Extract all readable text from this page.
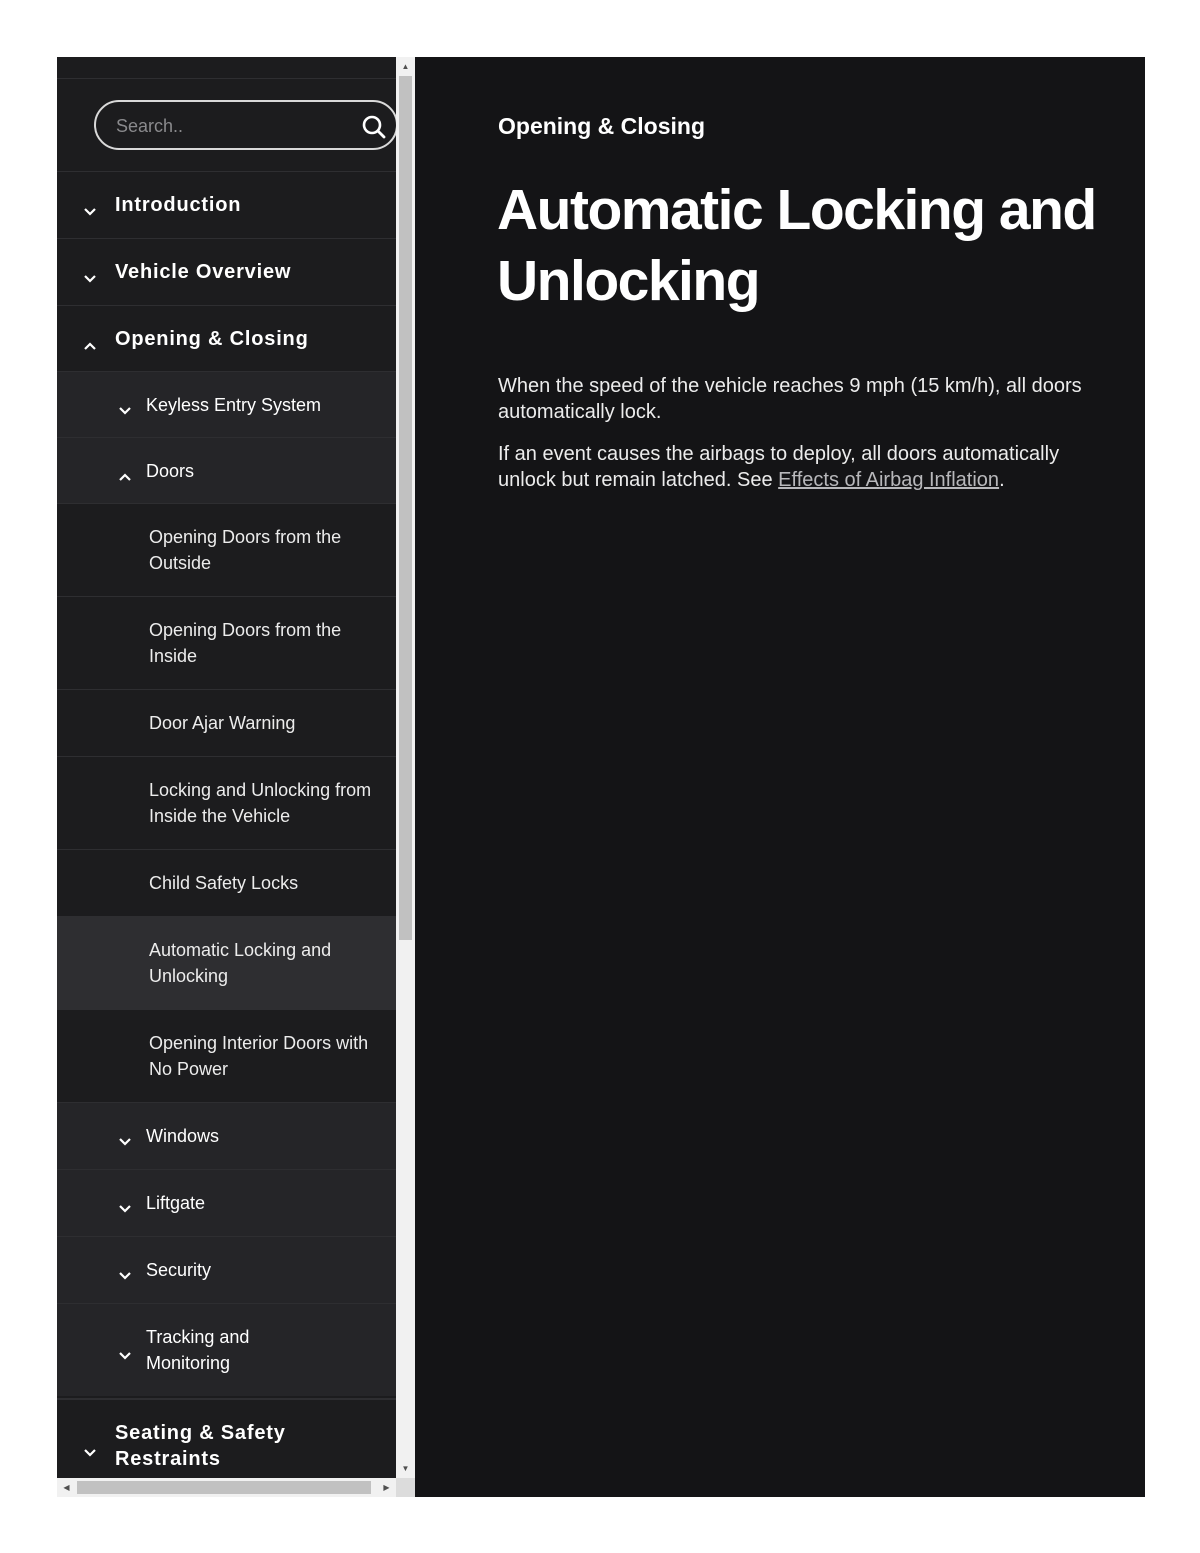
Search..
Introduction
Vehicle Overview
Opening & Closing
Keyless Entry System
Doors
Opening Doors from the Outside
Opening Doors from the Inside
Door Ajar Warning
Locking and Unlocking from Inside the Vehicle
Child Safety Locks
Automatic Locking and Unlocking
Opening Interior Doors with No Power
Windows
Liftgate
Security
Tracking and Monitoring
Seating & Safety Restraints
▲
▼
◀	▶
Opening & Closing
Automatic Locking and Unlocking

When the speed of the vehicle reaches 9 mph (15 km/h), all doors automatically lock.

If an event causes the airbags to deploy, all doors automatically unlock but remain latched. See Effects of Airbag Inflation.
